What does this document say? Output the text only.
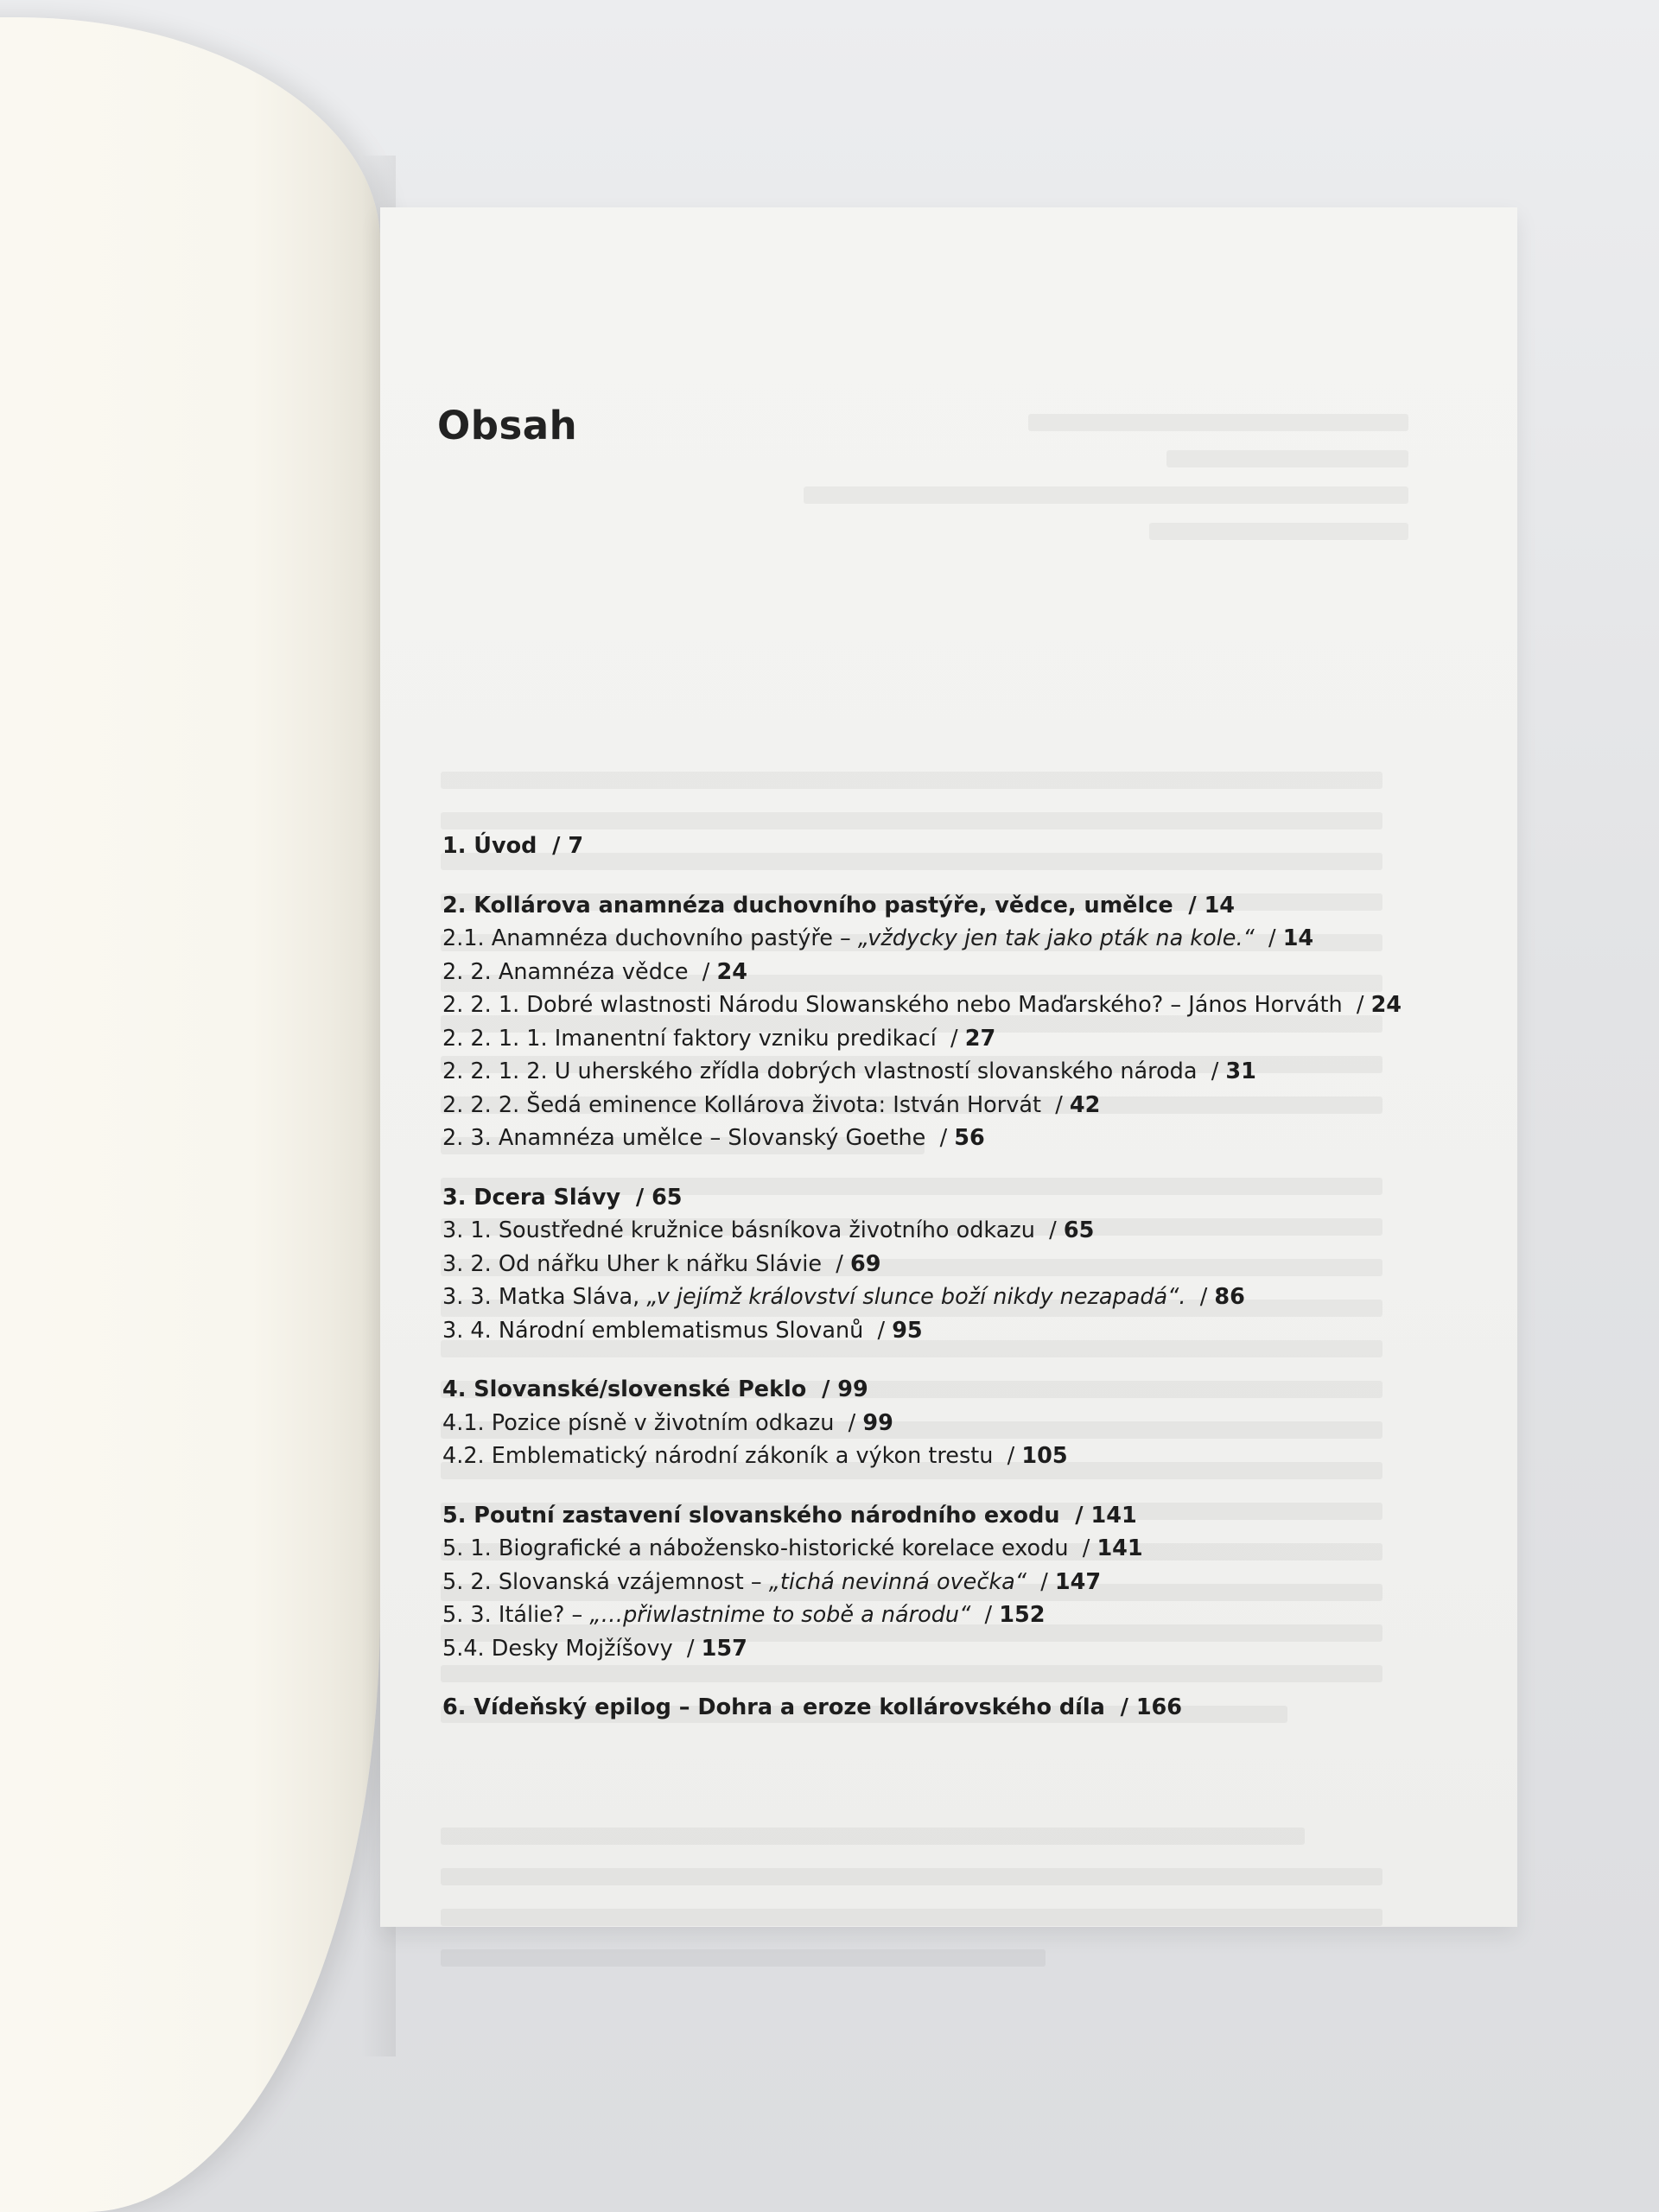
Obsah
1. Úvod  / 7
2. Kollárova anamnéza duchovního pastýře, vědce, umělce  / 14
2.1. Anamnéza duchovního pastýře – „vždycky jen tak jako pták na kole.“  / 14
2. 2. Anamnéza vědce  / 24
2. 2. 1. Dobré wlastnosti Národu Slowanského nebo Maďarského? – János Horváth  / 24
2. 2. 1. 1. Imanentní faktory vzniku predikací  / 27
2. 2. 1. 2. U uherského zřídla dobrých vlastností slovanského národa  / 31
2. 2. 2. Šedá eminence Kollárova života: István Horvát  / 42
2. 3. Anamnéza umělce – Slovanský Goethe  / 56
3. Dcera Slávy  / 65
3. 1. Soustředné kružnice básníkova životního odkazu  / 65
3. 2. Od nářku Uher k nářku Slávie  / 69
3. 3. Matka Sláva, „v jejímž království slunce boží nikdy nezapadá“.  / 86
3. 4. Národní emblematismus Slovanů  / 95
4. Slovanské/slovenské Peklo  / 99
4.1. Pozice písně v životním odkazu  / 99
4.2. Emblematický národní zákoník a výkon trestu  / 105
5. Poutní zastavení slovanského národního exodu  / 141
5. 1. Biografické a nábožensko-historické korelace exodu  / 141
5. 2. Slovanská vzájemnost – „tichá nevinná ovečka“  / 147
5. 3. Itálie? – „…přiwlastnime to sobě a národu“  / 152
5.4. Desky Mojžíšovy  / 157
6. Vídeňský epilog – Dohra a eroze kollárovského díla  / 166
